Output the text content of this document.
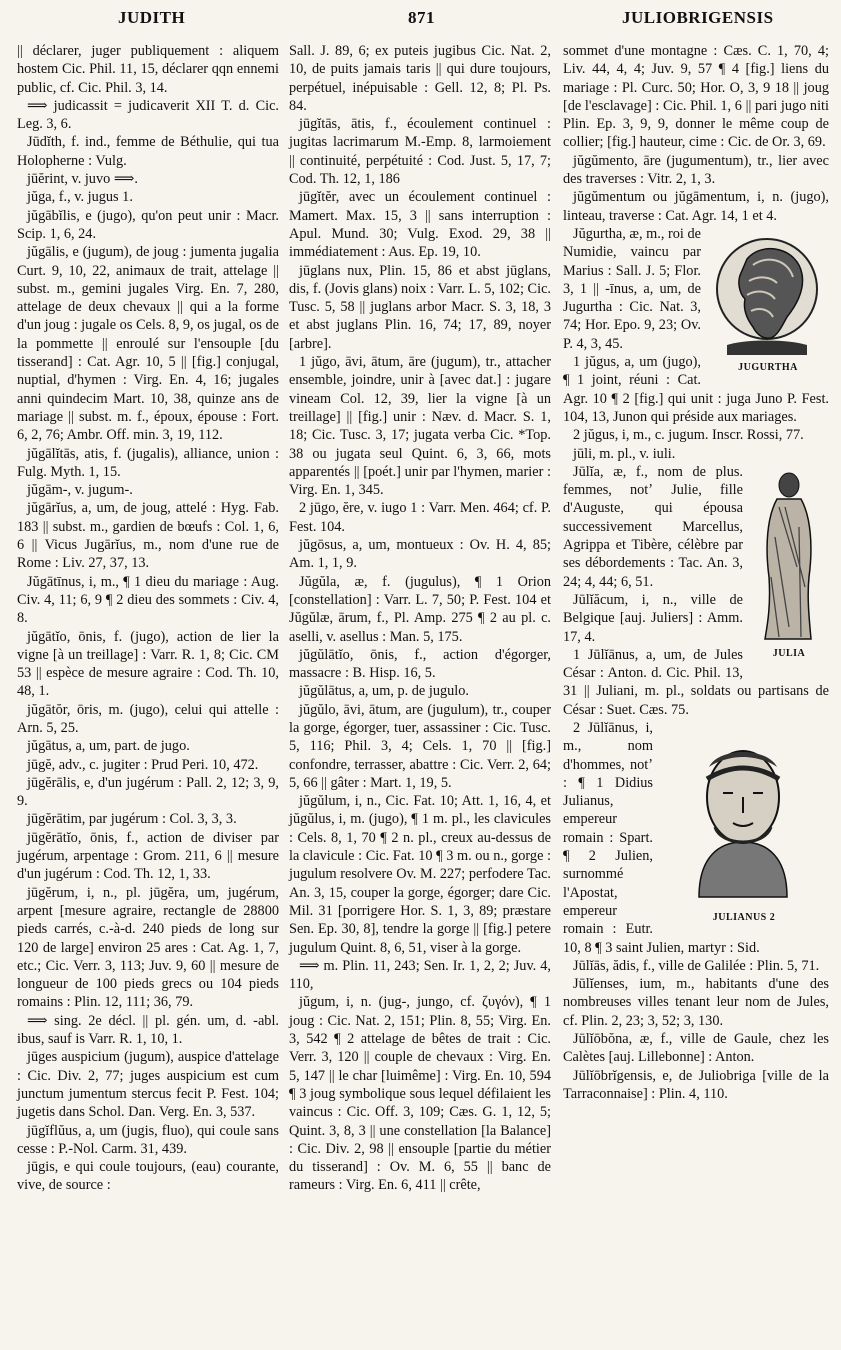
JUDITH	871	JULIOBRIGENSIS

|| déclarer, juger publiquement : aliquem hostem Cic. Phil. 11, 15, déclarer qqn ennemi public, cf. Cic. Phil. 3, 14.

⟹ judicassit = judicaverit XII T. d. Cic. Leg. 3, 6.

Jūdĭth, f. ind., femme de Béthulie, qui tua Holopherne : Vulg.

jūĕrint, v. juvo ⟹.

jŭga, f., v. jugus 1.

jŭgābĭlis, e (jugo), qu'on peut unir : Macr. Scip. 1, 6, 24.

jŭgālis, e (jugum), de joug : jumenta jugalia Curt. 9, 10, 22, animaux de trait, attelage || subst. m., gemini jugales Virg. En. 7, 280, attelage de deux chevaux || qui a la forme d'un joug : jugale os Cels. 8, 9, os jugal, os de la pommette || enroulé sur l'ensouple [du tisserand] : Cat. Agr. 10, 5 || [fig.] conjugal, nuptial, d'hymen : Virg. En. 4, 16; jugales anni quindecim Mart. 10, 38, quinze ans de mariage || subst. m. f., époux, épouse : Fort. 6, 2, 76; Ambr. Off. min. 3, 19, 112.

jŭgālĭtās, atis, f. (jugalis), alliance, union : Fulg. Myth. 1, 15.

jŭgām-, v. jugum-.

jŭgārĭus, a, um, de joug, attelé : Hyg. Fab. 183 || subst. m., gardien de bœufs : Col. 1, 6, 6 || Vicus Jugārĭus, m., nom d'une rue de Rome : Liv. 27, 37, 13.

Jŭgātīnus, i, m., ¶ 1 dieu du mariage : Aug. Civ. 4, 11; 6, 9 ¶ 2 dieu des sommets : Civ. 4, 8.

jŭgātĭo, ōnis, f. (jugo), action de lier la vigne [à un treillage] : Varr. R. 1, 8; Cic. CM 53 || espèce de mesure agraire : Cod. Th. 10, 48, 1.

jŭgātŏr, ōris, m. (jugo), celui qui attelle : Arn. 5, 25.

jŭgātus, a, um, part. de jugo.

jūgĕ, adv., c. jugiter : Prud Peri. 10, 472.

jūgĕrālis, e, d'un jugérum : Pall. 2, 12; 3, 9, 9.

jūgĕrātim, par jugérum : Col. 3, 3, 3.

jūgĕrātĭo, ōnis, f., action de diviser par jugérum, arpentage : Grom. 211, 6 || mesure d'un jugérum : Cod. Th. 12, 1, 33.

jūgĕrum, i, n., pl. jūgĕra, um, jugérum, arpent [mesure agraire, rectangle de 28800 pieds carrés, c.-à-d. 240 pieds de long sur 120 de large] environ 25 ares : Cat. Ag. 1, 7, etc.; Cic. Verr. 3, 113; Juv. 9, 60 || mesure de longueur de 100 pieds grecs ou 104 pieds romains : Plin. 12, 111; 36, 79.

⟹ sing. 2e décl. || pl. gén. um, d. -abl. ibus, sauf is Varr. R. 1, 10, 1.

jūges auspicium (jugum), auspice d'attelage : Cic. Div. 2, 77; juges auspicium est cum junctum jumentum stercus fecit P. Fest. 104; jugetis dans Schol. Dan. Verg. En. 3, 537.

jūgĭflŭus, a, um (jugis, fluo), qui coule sans cesse : P.-Nol. Carm. 31, 439.

jūgis, e qui coule toujours, (eau) courante, vive, de source :

Sall. J. 89, 6; ex puteis jugibus Cic. Nat. 2, 10, de puits jamais taris || qui dure toujours, perpétuel, inépuisable : Gell. 12, 8; Pl. Ps. 84.

jūgĭtās, ātis, f., écoulement continuel : jugitas lacrimarum M.-Emp. 8, larmoiement || continuité, perpétuité : Cod. Just. 5, 17, 7; Cod. Th. 12, 1, 186

jūgĭtĕr, avec un écoulement continuel : Mamert. Max. 15, 3 || sans interruption : Apul. Mund. 30; Vulg. Exod. 29, 38 || immédiatement : Aus. Ep. 19, 10.

jūglans nux, Plin. 15, 86 et abst jūglans, dis, f. (Jovis glans) noix : Varr. L. 5, 102; Cic. Tusc. 5, 58 || juglans arbor Macr. S. 3, 18, 3 et abst juglans Plin. 16, 74; 17, 89, noyer [arbre].

1 jŭgo, āvi, ātum, āre (jugum), tr., attacher ensemble, joindre, unir à [avec dat.] : jugare vineam Col. 12, 39, lier la vigne [à un treillage] || [fig.] unir : Næv. d. Macr. S. 1, 18; Cic. Tusc. 3, 17; jugata verba Cic. *Top. 38 ou jugata seul Quint. 6, 3, 66, mots apparentés || [poét.] unir par l'hymen, marier : Virg. En. 1, 345.

2 jūgo, ĕre, v. iugo 1 : Varr. Men. 464; cf. P. Fest. 104.

jŭgōsus, a, um, montueux : Ov. H. 4, 85; Am. 1, 1, 9.

Jŭgŭla, æ, f. (jugulus), ¶ 1 Orion [constellation] : Varr. L. 7, 50; P. Fest. 104 et Jŭgŭlæ, ārum, f., Pl. Amp. 275 ¶ 2 au pl. c. aselli, v. asellus : Man. 5, 175.

jŭgŭlātĭo, ōnis, f., action d'égorger, massacre : B. Hisp. 16, 5.

jŭgŭlātus, a, um, p. de jugulo.

jŭgŭlo, āvi, ātum, are (jugulum), tr., couper la gorge, égorger, tuer, assassiner : Cic. Tusc. 5, 116; Phil. 3, 4; Cels. 1, 70 || [fig.] confondre, terrasser, abattre : Cic. Verr. 2, 64; 5, 66 || gâter : Mart. 1, 19, 5.

jŭgŭlum, i, n., Cic. Fat. 10; Att. 1, 16, 4, et jŭgŭlus, i, m. (jugo), ¶ 1 m. pl., les clavicules : Cels. 8, 1, 70 ¶ 2 n. pl., creux au-dessus de la clavicule : Cic. Fat. 10 ¶ 3 m. ou n., gorge : jugulum resolvere Ov. M. 227; perfodere Tac. An. 3, 15, couper la gorge, égorger; dare Cic. Mil. 31 [porrigere Hor. S. 1, 3, 89; præstare Sen. Ep. 30, 8], tendre la gorge || [fig.] petere jugulum Quint. 8, 6, 51, viser à la gorge.

⟹ m. Plin. 11, 243; Sen. Ir. 1, 2, 2; Juv. 4, 110,

jŭgum, i, n. (jug-, jungo, cf. ζυγόν), ¶ 1 joug : Cic. Nat. 2, 151; Plin. 8, 55; Virg. En. 3, 542 ¶ 2 attelage de bêtes de trait : Cic. Verr. 3, 120 || couple de chevaux : Virg. En. 5, 147 || le char [luimême] : Virg. En. 10, 594 ¶ 3 joug symbolique sous lequel défilaient les vaincus : Cic. Off. 3, 109; Cæs. G. 1, 12, 5; Quint. 3, 8, 3 || une constellation [la Balance] : Cic. Div. 2, 98 || ensouple [partie du métier du tisserand] : Ov. M. 6, 55 || banc de rameurs : Virg. En. 6, 411 || crête,

sommet d'une montagne : Cæs. C. 1, 70, 4; Liv. 44, 4, 4; Juv. 9, 57 ¶ 4 [fig.] liens du mariage : Pl. Curc. 50; Hor. O, 3, 9 18 || joug [de l'esclavage] : Cic. Phil. 1, 6 || pari jugo niti Plin. Ep. 3, 9, 9, donner le même coup de collier; [fig.] hauteur, cime : Cic. de Or. 3, 69.

jŭgŭmento, āre (jugumentum), tr., lier avec des traverses : Vitr. 2, 1, 3.

jŭgŭmentum ou jŭgāmentum, i, n. (jugo), linteau, traverse : Cat. Agr. 14, 1 et 4.

JUGURTHA

Jŭgurtha, æ, m., roi de Numidie, vaincu par Marius : Sall. J. 5; Flor. 3, 1 || -īnus, a, um, de Jugurtha : Cic. Nat. 3, 74; Hor. Epo. 9, 23; Ov. P. 4, 3, 45.

1 jŭgus, a, um (jugo), ¶ 1 joint, réuni : Cat. Agr. 10 ¶ 2 [fig.] qui unit : juga Juno P. Fest. 104, 13, Junon qui préside aux mariages.

2 jŭgus, i, m., c. jugum. Inscr. Rossi, 77.

jūli, m. pl., v. iuli.

JULIA

Jūlĭa, æ, f., nom de plus. femmes, notʼ Julie, fille d'Auguste, qui épousa successivement Marcellus, Agrippa et Tibère, célèbre par ses débordements : Tac. An. 3, 24; 4, 44; 6, 51.

Jūlĭăcum, i, n., ville de Belgique [auj. Juliers] : Amm. 17, 4.

1 Jūlĭānus, a, um, de Jules César : Anton. d. Cic. Phil. 13, 31 || Juliani, m. pl., soldats ou partisans de César : Suet. Cæs. 75.

JULIANUS 2

2 Jūlĭānus, i, m., nom d'hommes, notʼ : ¶ 1 Didius Julianus, empereur romain : Spart. ¶ 2 Julien, surnommé l'Apostat, empereur romain : Eutr. 10, 8 ¶ 3 saint Julien, martyr : Sid.

Jūlĭās, ădis, f., ville de Galilée : Plin. 5, 71.

Jūlĭenses, ium, m., habitants d'une des nombreuses villes tenant leur nom de Jules, cf. Plin. 2, 23; 3, 52; 3, 130.

Jūlĭōbŏna, æ, f., ville de Gaule, chez les Calètes [auj. Lillebonne] : Anton.

Jūlĭōbrĭgensis, e, de Juliobriga [ville de la Tarraconnaise] : Plin. 4, 110.
